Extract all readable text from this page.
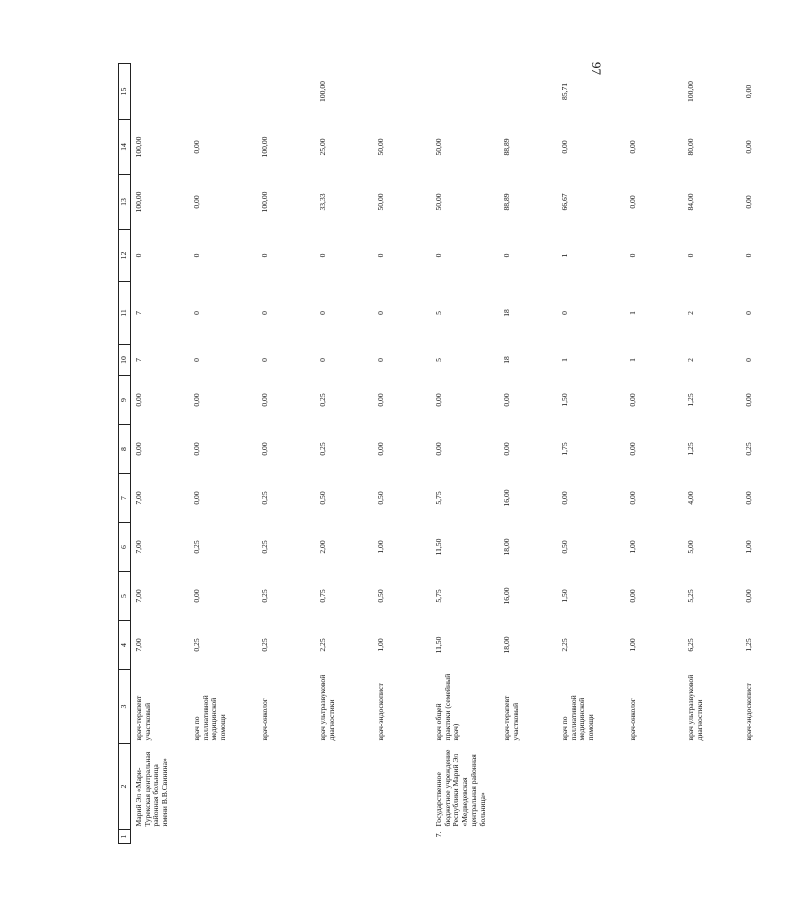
97
1	2	3	4	5	6	7	8	9	10	11	12	13	14	15
	Марий Эл «Мари-Турекская центральная районная больница имени В.В.Свинина»	врач-терапевт участковый	7,00	7,00	7,00	7,00	0,00	0,00	7	7	0	100,00	100,00	
		врач по паллиативной медицинской помощи	0,25	0,00	0,25	0,00	0,00	0,00	0	0	0	0,00	0,00	
		врач-онколог	0,25	0,25	0,25	0,25	0,00	0,00	0	0	0	100,00	100,00	
		врач ультразвуковой диагностики	2,25	0,75	2,00	0,50	0,25	0,25	0	0	0	33,33	25,00	100,00
		врач-эндоскопист	1,00	0,50	1,00	0,50	0,00	0,00	0	0	0	50,00	50,00	
7.	Государственное бюджетное учреждение Республики Марий Эл «Медведевская центральная районная больница»	врач общей практики (семейный врач)	11,50	5,75	11,50	5,75	0,00	0,00	5	5	0	50,00	50,00	
		врач-терапевт участковый	18,00	16,00	18,00	16,00	0,00	0,00	18	18	0	88,89	88,89	
		врач по паллиативной медицинской помощи	2,25	1,50	0,50	0,00	1,75	1,50	1	0	1	66,67	0,00	85,71
		врач-онколог	1,00	0,00	1,00	0,00	0,00	0,00	1	1	0	0,00	0,00	
		врач ультразвуковой диагностики	6,25	5,25	5,00	4,00	1,25	1,25	2	2	0	84,00	80,00	100,00
		врач-эндоскопист	1,25	0,00	1,00	0,00	0,25	0,00	0	0	0	0,00	0,00	0,00
